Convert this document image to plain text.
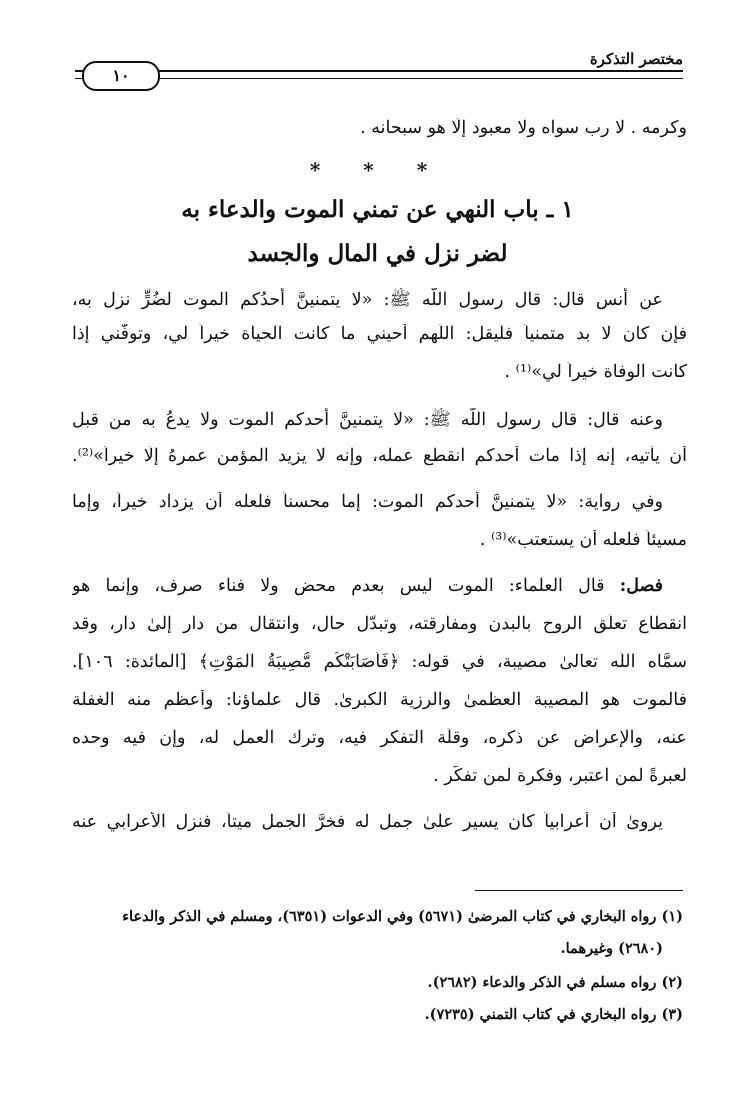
مختصر التذكرة
١٠
وكرمه . لا رب سواه ولا معبود إلَّا هو سبحانه .
* * *
١ ـ باب النهي عن تمني الموت والدعاء به
لضر نزل في المال والجسد
عن أنس قال: قال رسول اللّه ﷺ: «لا يتمنينَّ أحدُكم الموت لضُرٍّ نزل به،
فإن كان لا بد متمنياً فليقل: اللّهم أحيني ما كانت الحياة خيراً لي، وتوفّني إذا
كانت الوفاة خيراً لي»⁽¹⁾ .
وعنه قال: قال رسول اللّه ﷺ: «لا يتمنينَّ أحدكم الموت ولا يدعُ به من قبل
أن يأتيه، إنه إذا مات أحدكم انقطع عمله، وإنه لا يزيد المؤمن عمرهُ إلَّا خيراً»⁽²⁾.
وفي رواية: «لا يتمنينَّ أحدكم الموت: إما محسناً فلعله أن يزداد خيراً، وإما
مسيئاً فلعله أن يستعتب»⁽³⁾ .
فصل: قال العلماء: الموت ليس بعدم محض ولا فناء صرف، وإنما هو
انقطاع تعلّق الروح بالبدن ومفارقته، وتبدّل حال، وانتقال من دار إلىٰ دار، وقد
سمَّاه اللّه تعالىٰ مصيبة، في قوله: ﴿فَأَصَابَتْكُم مُّصِيبَةُ الْمَوْتِ﴾ [المائدة: ١٠٦].
فالموت هو المصيبة العظمىٰ والرزية الكبرىٰ. قال علماؤنا: وأعظم منه الغفلة
عنه، والإعراض عن ذكره، وقلّة التفكر فيه، وترك العمل له، وإن فيه وحده
لعبرةً لمن اعتبر، وفكرة لمن تفكّر .
يروىٰ أن أعرابياً كان يسير علىٰ جمل له فخرَّ الجمل ميتاً، فنزل الأعرابي عنه
(١) رواه البخاري في كتاب المرضىٰ (٥٦٧١) وفي الدعوات (٦٣٥١)، ومسلم في الذكر والدعاء
(٢٦٨٠) وغيرهما.
(٢) رواه مسلم في الذكر والدعاء (٢٦٨٢).
(٣) رواه البخاري في كتاب التمني (٧٢٣٥).
